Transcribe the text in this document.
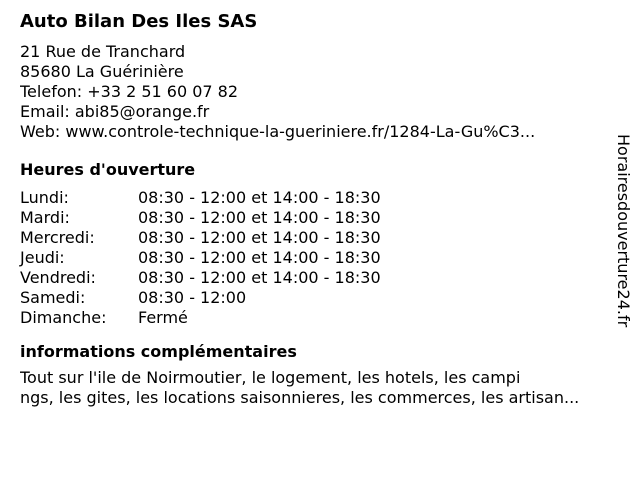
Auto Bilan Des Iles SAS
21 Rue de Tranchard
85680 La Guérinière
Telefon: +33 2 51 60 07 82
Email: abi85@orange.fr
Web: www.controle-technique-la-gueriniere.fr/1284-La-Gu%C3...
Heures d'ouverture
Lundi:	08:30 - 12:00 et 14:00 - 18:30
Mardi:	08:30 - 12:00 et 14:00 - 18:30
Mercredi:	08:30 - 12:00 et 14:00 - 18:30
Jeudi:	08:30 - 12:00 et 14:00 - 18:30
Vendredi:	08:30 - 12:00 et 14:00 - 18:30
Samedi:	08:30 - 12:00
Dimanche:	Fermé
informations complémentaires
Tout sur l'ile de Noirmoutier, le logement, les hotels, les campi
ngs, les gites, les locations saisonnieres, les commerces, les artisan...
Horairesdouverture24.fr
